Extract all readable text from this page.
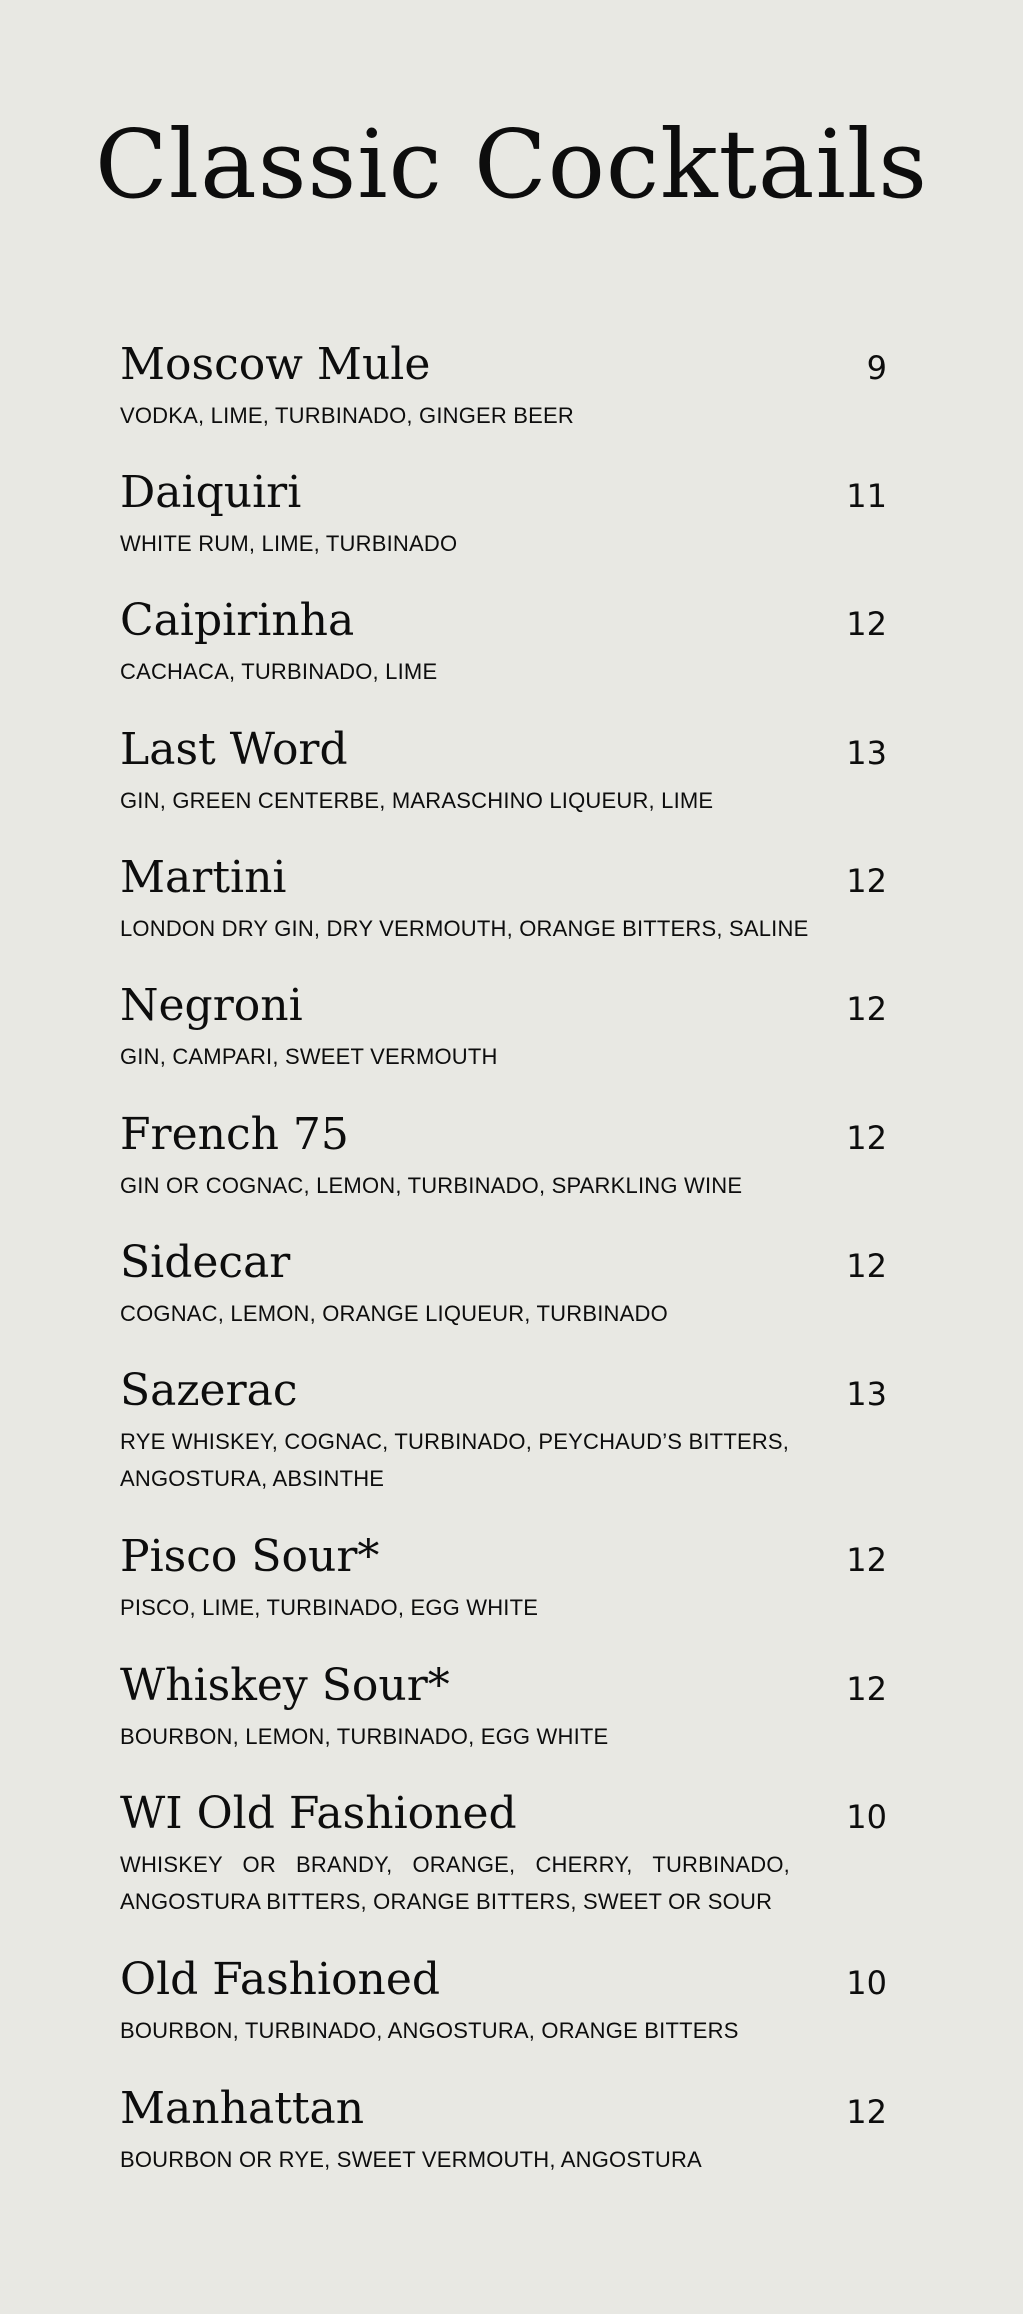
Classic Cocktails
Moscow Mule
VODKA, LIME, TURBINADO, GINGER BEER
9
Daiquiri
WHITE RUM, LIME, TURBINADO
11
Caipirinha
CACHACA, TURBINADO, LIME
12
Last Word
GIN, GREEN CENTERBE, MARASCHINO LIQUEUR, LIME
13
Martini
LONDON DRY GIN, DRY VERMOUTH, ORANGE BITTERS, SALINE
12
Negroni
GIN, CAMPARI, SWEET VERMOUTH
12
French 75
GIN OR COGNAC, LEMON, TURBINADO, SPARKLING WINE
12
Sidecar
COGNAC, LEMON, ORANGE LIQUEUR, TURBINADO
12
Sazerac
RYE WHISKEY, COGNAC, TURBINADO, PEYCHAUD’S BITTERS, ANGOSTURA, ABSINTHE
13
Pisco Sour*
PISCO, LIME, TURBINADO, EGG WHITE
12
Whiskey Sour*
BOURBON, LEMON, TURBINADO, EGG WHITE
12
WI Old Fashioned
WHISKEY OR BRANDY, ORANGE, CHERRY, TURBINADO, ANGOSTURA BITTERS, ORANGE BITTERS, SWEET OR SOUR
10
Old Fashioned
BOURBON, TURBINADO, ANGOSTURA, ORANGE BITTERS
10
Manhattan
BOURBON OR RYE, SWEET VERMOUTH, ANGOSTURA
12
